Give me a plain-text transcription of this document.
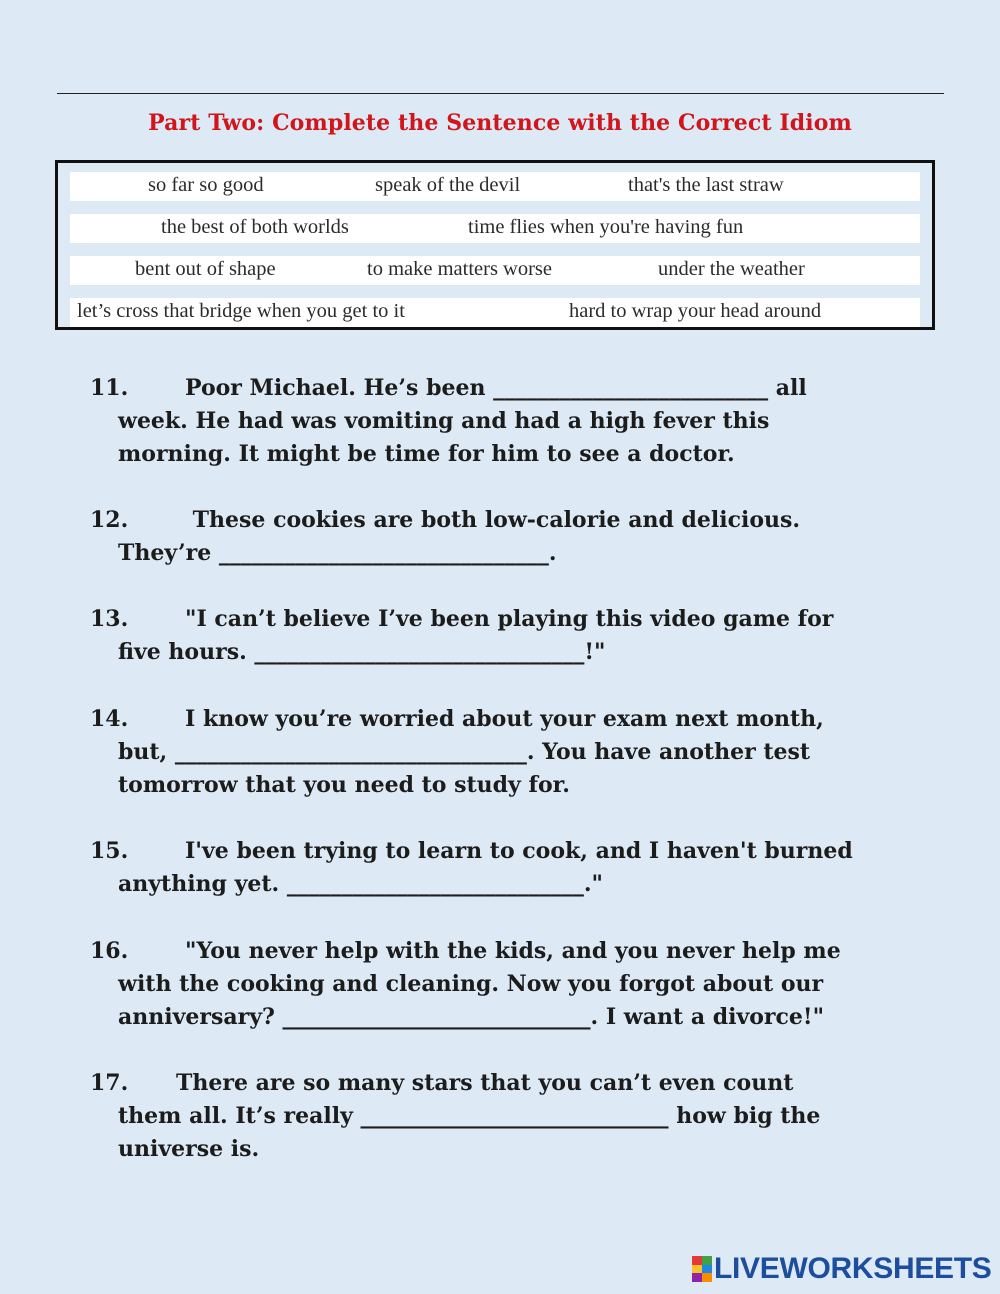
Part Two: Complete the Sentence with the Correct Idiom
so far so good	speak of the devil	that's the last straw
the best of both worlds	time flies when you're having fun
bent out of shape	to make matters worse	under the weather
let’s cross that bridge when you get to it	hard to wrap your head around
11.	Poor Michael. He’s been _________________________ all
week. He had was vomiting and had a high fever this
morning. It might be time for him to see a doctor.
12.	These cookies are both low-calorie and delicious.
They’re ______________________________.
13.	"I can’t believe I’ve been playing this video game for
five hours. ______________________________!"
14.	I know you’re worried about your exam next month,
but, ________________________________. You have another test
tomorrow that you need to study for.
15.	I've been trying to learn to cook, and I haven't burned
anything yet. ___________________________."
16.	"You never help with the kids, and you never help me
with the cooking and cleaning. Now you forgot about our
anniversary? ____________________________. I want a divorce!"
17. There are so many stars that you can’t even count
them all. It’s really ____________________________ how big the
universe is.
LIVEWORKSHEETS
